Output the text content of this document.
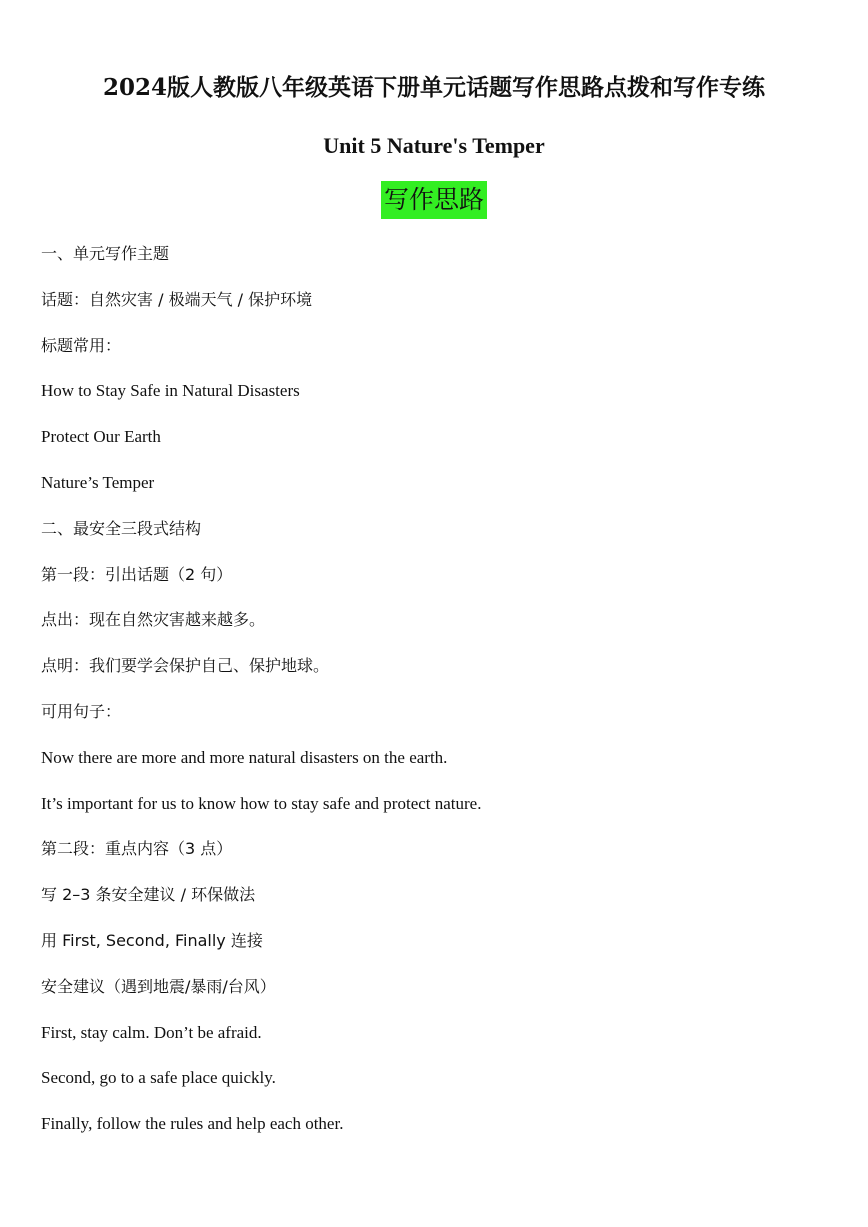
2024版人教版八年级英语下册单元话题写作思路点拨和写作专练
Unit 5 Nature's Temper
写作思路
一、单元写作主题
话题：自然灾害 / 极端天气 / 保护环境
标题常用：
How to Stay Safe in Natural Disasters
Protect Our Earth
Nature’s Temper
二、最安全三段式结构
第一段：引出话题（2 句）
点出：现在自然灾害越来越多。
点明：我们要学会保护自己、保护地球。
可用句子：
Now there are more and more natural disasters on the earth.
It’s important for us to know how to stay safe and protect nature.
第二段：重点内容（3 点）
写 2–3 条安全建议 / 环保做法
用 First, Second, Finally 连接
安全建议（遇到地震/暴雨/台风）
First, stay calm. Don’t be afraid.
Second, go to a safe place quickly.
Finally, follow the rules and help each other.
